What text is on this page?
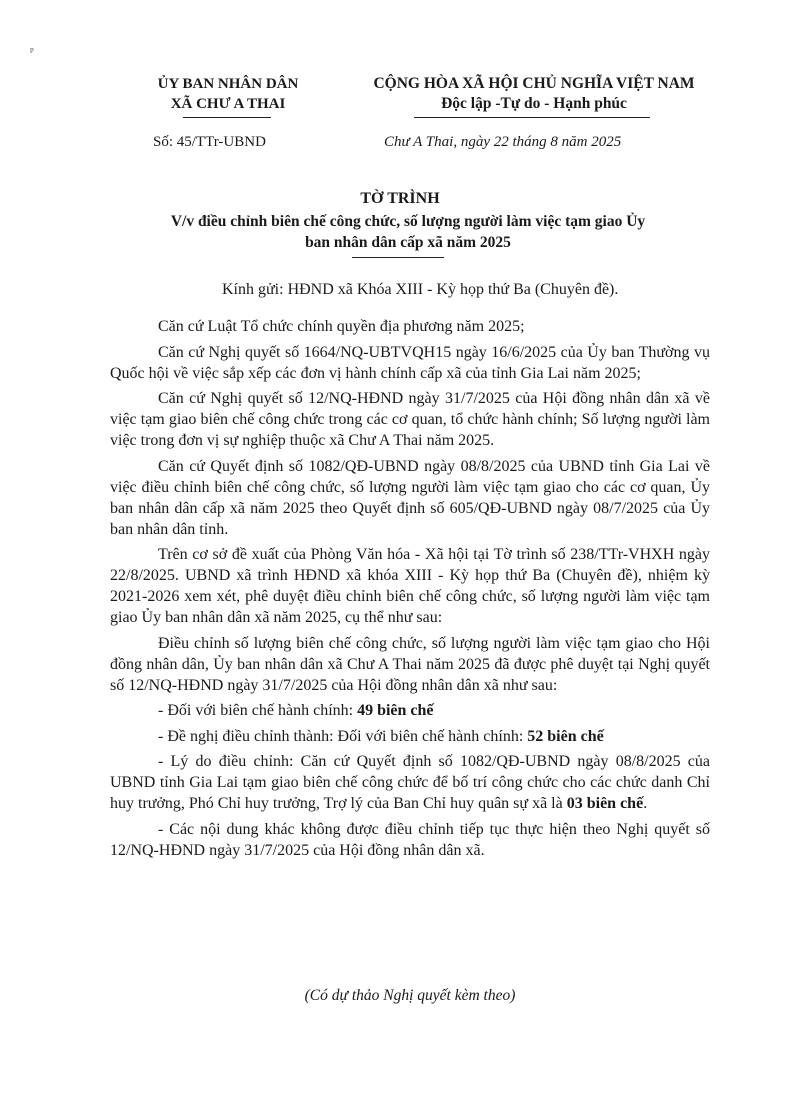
ᵖ
ỦY BAN NHÂN DÂN
XÃ CHƯ A THAI
CỘNG HÒA XÃ HỘI CHỦ NGHĨA VIỆT NAM
Độc lập -Tự do - Hạnh phúc
Số: 45/TTr-UBND	Chư A Thai, ngày 22 tháng 8 năm 2025
TỜ TRÌNH
V/v điều chỉnh biên chế công chức, số lượng người làm việc tạm giao Ủy
ban nhân dân cấp xã năm 2025
Kính gửi: HĐND xã Khóa XIII - Kỳ họp thứ Ba (Chuyên đề).

Căn cứ Luật Tổ chức chính quyền địa phương năm 2025;

Căn cứ Nghị quyết số 1664/NQ-UBTVQH15 ngày 16/6/2025 của Ủy ban Thường vụ Quốc hội về việc sắp xếp các đơn vị hành chính cấp xã của tỉnh Gia Lai năm 2025;

Căn cứ Nghị quyết số 12/NQ-HĐND ngày 31/7/2025 của Hội đồng nhân dân xã về việc tạm giao biên chế công chức trong các cơ quan, tổ chức hành chính; Số lượng người làm việc trong đơn vị sự nghiệp thuộc xã Chư A Thai năm 2025.

Căn cứ Quyết định số 1082/QĐ-UBND ngày 08/8/2025 của UBND tỉnh Gia Lai về việc điều chỉnh biên chế công chức, số lượng người làm việc tạm giao cho các cơ quan, Ủy ban nhân dân cấp xã năm 2025 theo Quyết định số 605/QĐ-UBND ngày 08/7/2025 của Ủy ban nhân dân tỉnh.

Trên cơ sở đề xuất của Phòng Văn hóa - Xã hội tại Tờ trình số 238/TTr-VHXH ngày 22/8/2025. UBND xã trình HĐND xã khóa XIII - Kỳ họp thứ Ba (Chuyên đề), nhiệm kỳ 2021-2026 xem xét, phê duyệt điều chỉnh biên chế công chức, số lượng người làm việc tạm giao Ủy ban nhân dân xã năm 2025, cụ thể như sau:

Điều chỉnh số lượng biên chế công chức, số lượng người làm việc tạm giao cho Hội đồng nhân dân, Ủy ban nhân dân xã Chư A Thai năm 2025 đã được phê duyệt tại Nghị quyết số 12/NQ-HĐND ngày 31/7/2025 của Hội đồng nhân dân xã như sau:

- Đối với biên chế hành chính: 49 biên chế

- Đề nghị điều chỉnh thành: Đối với biên chế hành chính: 52 biên chế

- Lý do điều chỉnh: Căn cứ Quyết định số 1082/QĐ-UBND ngày 08/8/2025 của UBND tỉnh Gia Lai tạm giao biên chế công chức để bố trí công chức cho các chức danh Chỉ huy trưởng, Phó Chỉ huy trưởng, Trợ lý của Ban Chỉ huy quân sự xã là 03 biên chế.

- Các nội dung khác không được điều chỉnh tiếp tục thực hiện theo Nghị quyết số 12/NQ-HĐND ngày 31/7/2025 của Hội đồng nhân dân xã.

(Có dự thảo Nghị quyết kèm theo)
